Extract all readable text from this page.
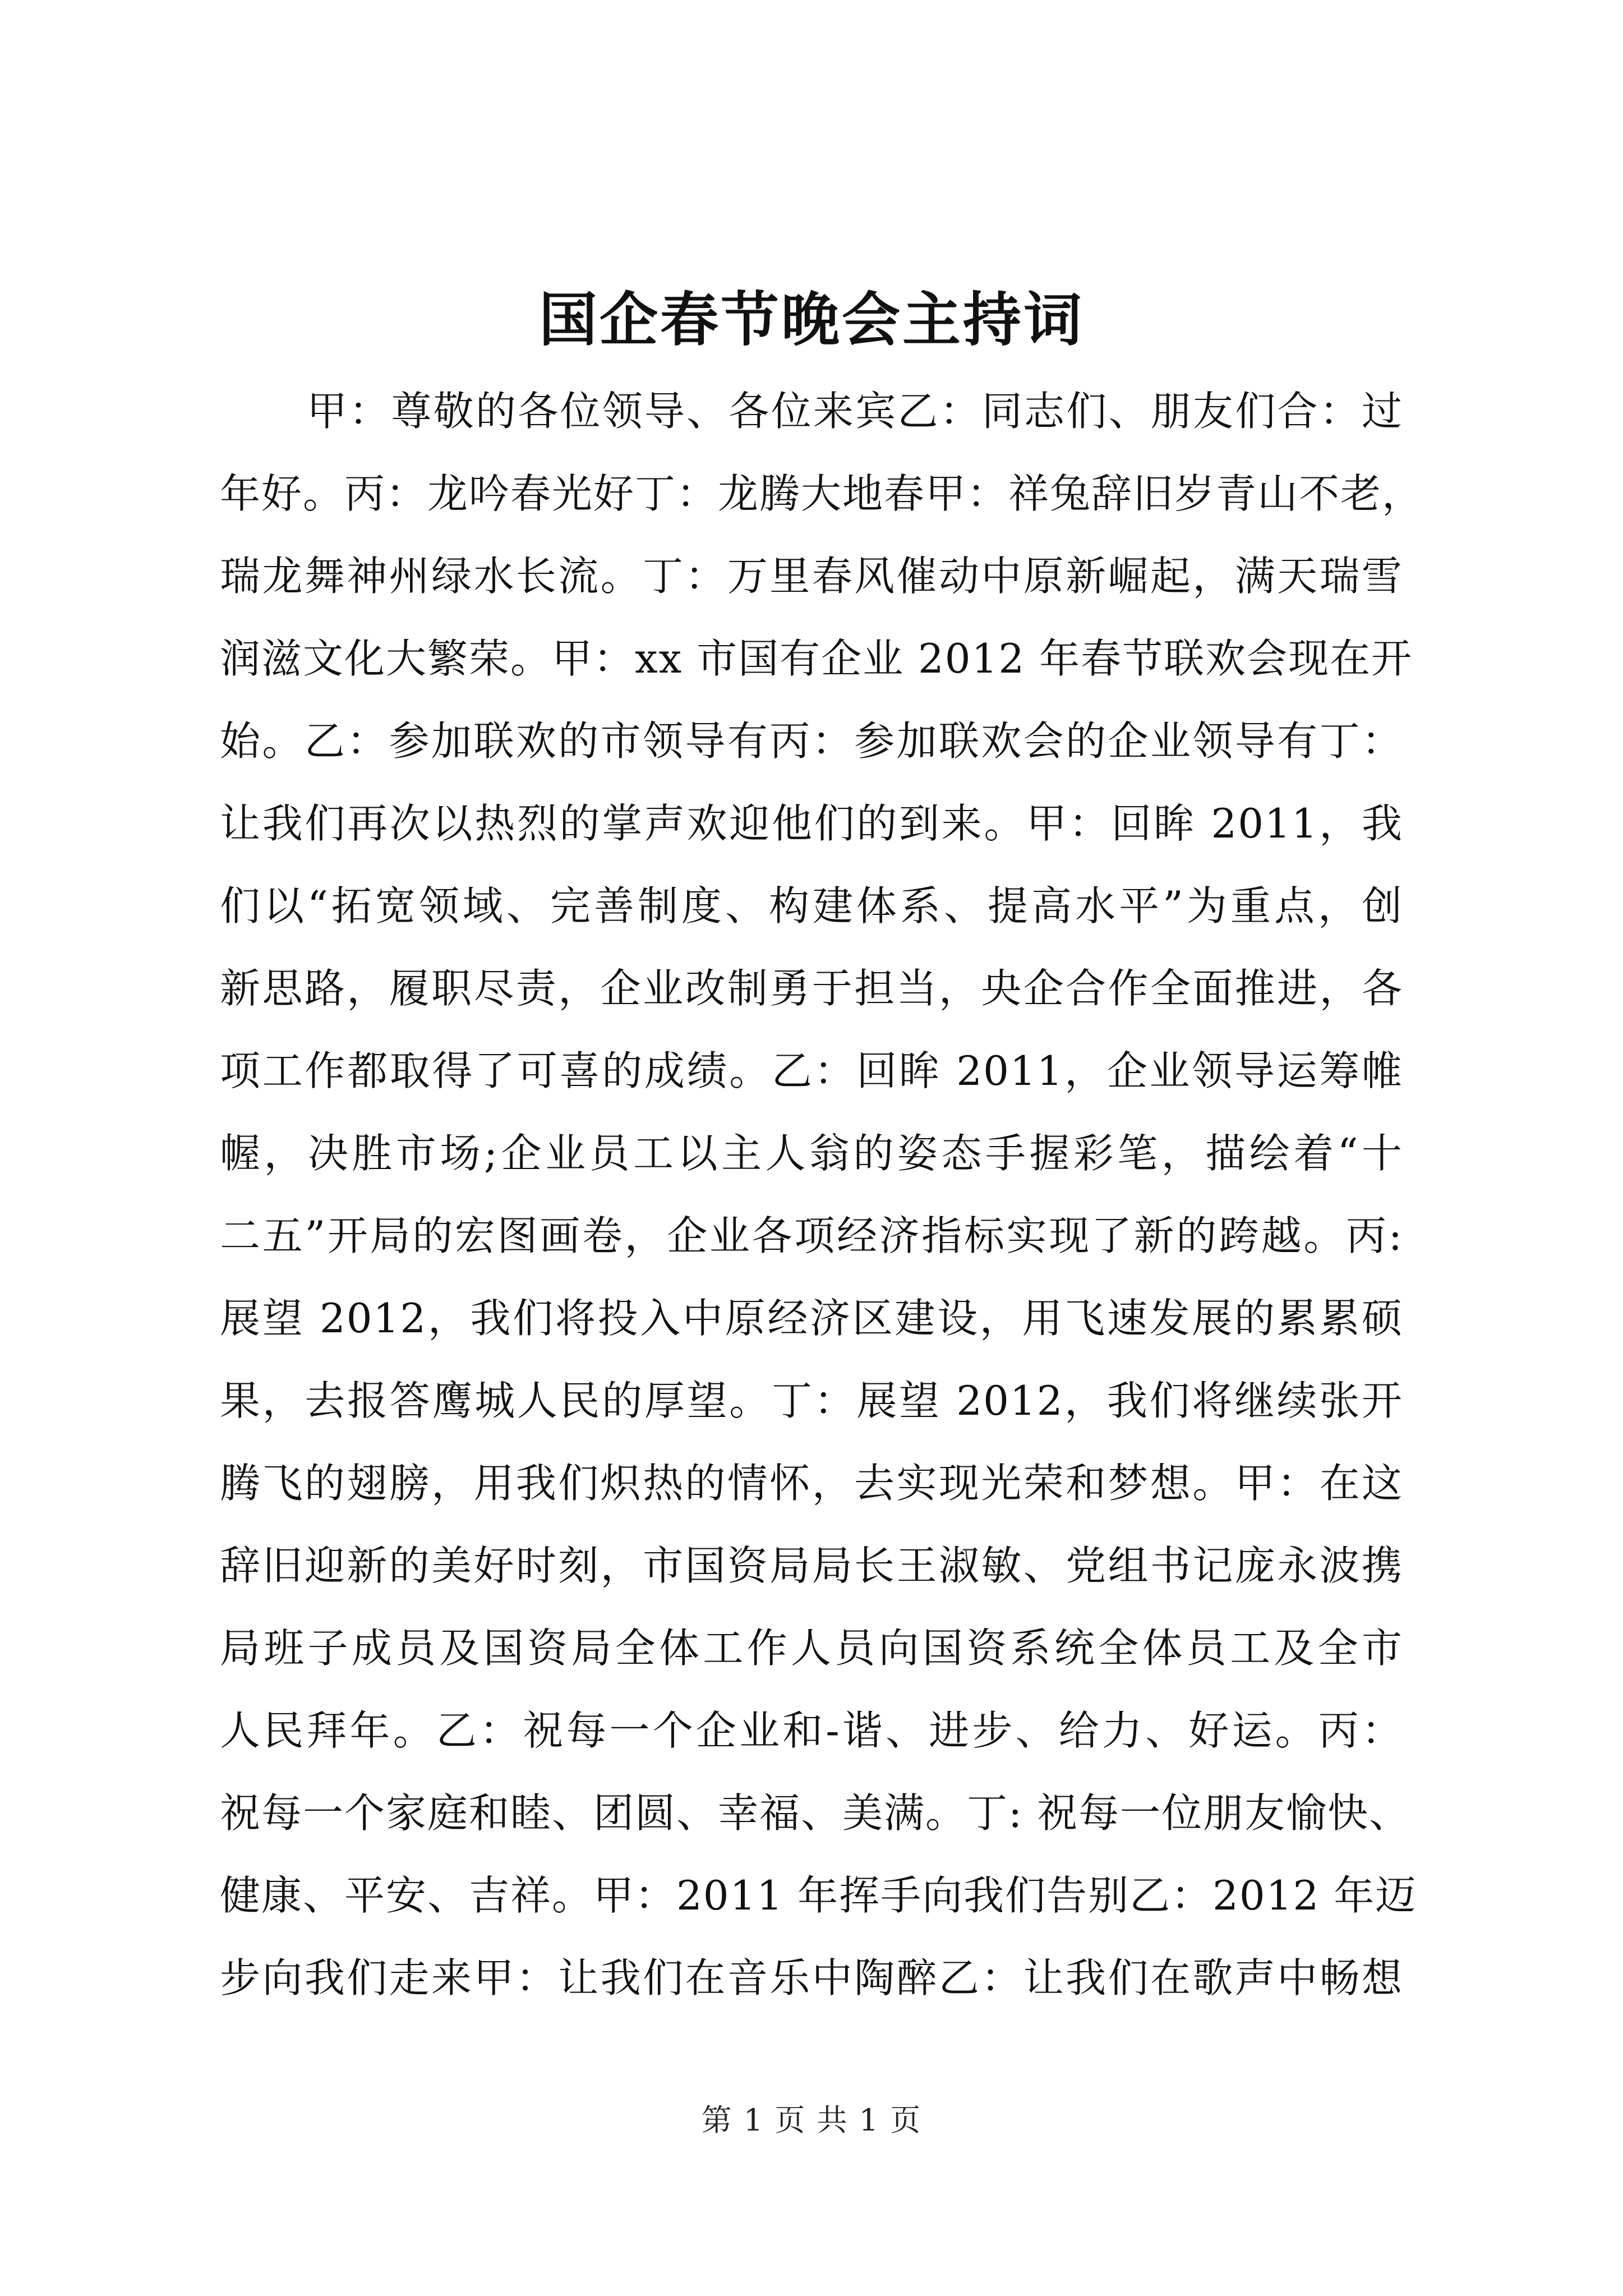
国企春节晚会主持词
甲：尊敬的各位领导、各位来宾乙：同志们、朋友们合：过
年好。丙：龙吟春光好丁：龙腾大地春甲：祥兔辞旧岁青山不老，
瑞龙舞神州绿水长流。丁：万里春风催动中原新崛起，满天瑞雪
润滋文化大繁荣。甲：xx 市国有企业 2012 年春节联欢会现在开
始。乙：参加联欢的市领导有丙：参加联欢会的企业领导有丁：
让我们再次以热烈的掌声欢迎他们的到来。甲：回眸 2011，我
们以“拓宽领域、完善制度、构建体系、提高水平”为重点，创
新思路，履职尽责，企业改制勇于担当，央企合作全面推进，各
项工作都取得了可喜的成绩。乙：回眸 2011，企业领导运筹帷
幄，决胜市场;企业员工以主人翁的姿态手握彩笔，描绘着“十
二五”开局的宏图画卷，企业各项经济指标实现了新的跨越。丙:
展望 2012，我们将投入中原经济区建设，用飞速发展的累累硕
果，去报答鹰城人民的厚望。丁：展望 2012，我们将继续张开
腾飞的翅膀，用我们炽热的情怀，去实现光荣和梦想。甲：在这
辞旧迎新的美好时刻，市国资局局长王淑敏、党组书记庞永波携
局班子成员及国资局全体工作人员向国资系统全体员工及全市
人民拜年。乙：祝每一个企业和-谐、进步、给力、好运。丙：
祝每一个家庭和睦、团圆、幸福、美满。丁: 祝每一位朋友愉快、
健康、平安、吉祥。甲：2011 年挥手向我们告别乙：2012 年迈
步向我们走来甲：让我们在音乐中陶醉乙：让我们在歌声中畅想
第 1 页 共 1 页
